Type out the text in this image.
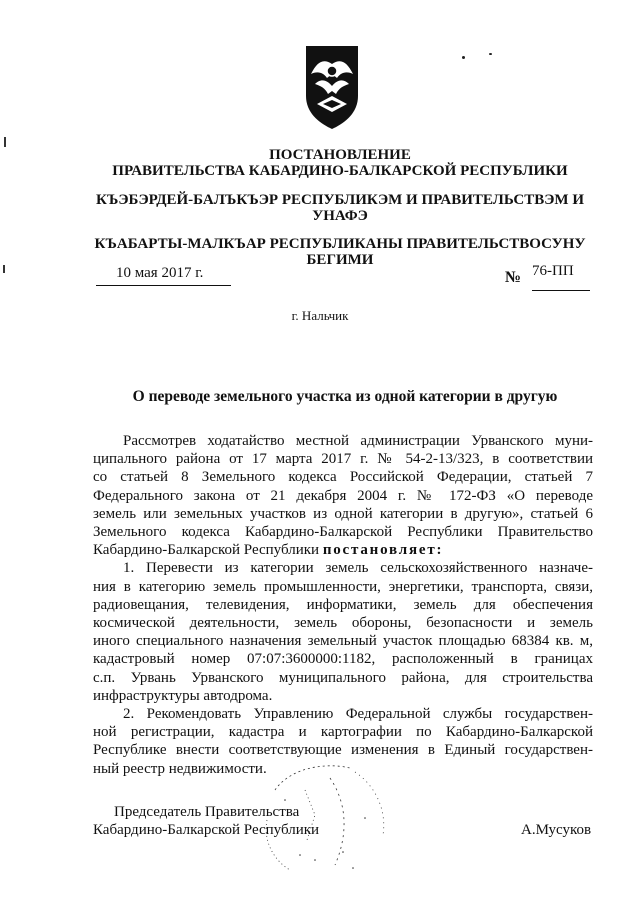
ПОСТАНОВЛЕНИЕ
ПРАВИТЕЛЬСТВА КАБАРДИНО-БАЛКАРСКОЙ РЕСПУБЛИКИ
КЪЭБЭРДЕЙ-БАЛЪКЪЭР РЕСПУБЛИКЭМ И ПРАВИТЕЛЬСТВЭМ И
УНАФЭ
КЪАБАРТЫ-МАЛКЪАР РЕСПУБЛИКАНЫ ПРАВИТЕЛЬСТВОСУНУ
БЕГИМИ
10 мая 2017 г.	№ 76-ПП
г. Нальчик
О переводе земельного участка из одной категории в другую

Рассмотрев ходатайство местной администрации Урванского муни-

ципального района от 17 марта 2017 г. № 54-2-13/323, в соответствии

со статьей 8 Земельного кодекса Российской Федерации, статьей 7

Федерального закона от 21 декабря 2004 г. № 172-ФЗ «О переводе

земель или земельных участков из одной категории в другую», статьей 6

Земельного кодекса Кабардино-Балкарской Республики Правительство

Кабардино-Балкарской Республики постановляет:

1. Перевести из категории земель сельскохозяйственного назначе-

ния в категорию земель промышленности, энергетики, транспорта, связи,

радиовещания, телевидения, информатики, земель для обеспечения

космической деятельности, земель обороны, безопасности и земель

иного специального назначения земельный участок площадью 68384 кв. м,

кадастровый номер 07:07:3600000:1182, расположенный в границах

с.п. Урвань Урванского муниципального района, для строительства

инфраструктуры автодрома.

2. Рекомендовать Управлению Федеральной службы государствен-

ной регистрации, кадастра и картографии по Кабардино-Балкарской

Республике внести соответствующие изменения в Единый государствен-

ный реестр недвижимости.

Председатель Правительства
Кабардино-Балкарской Республики	А.Мусуков
